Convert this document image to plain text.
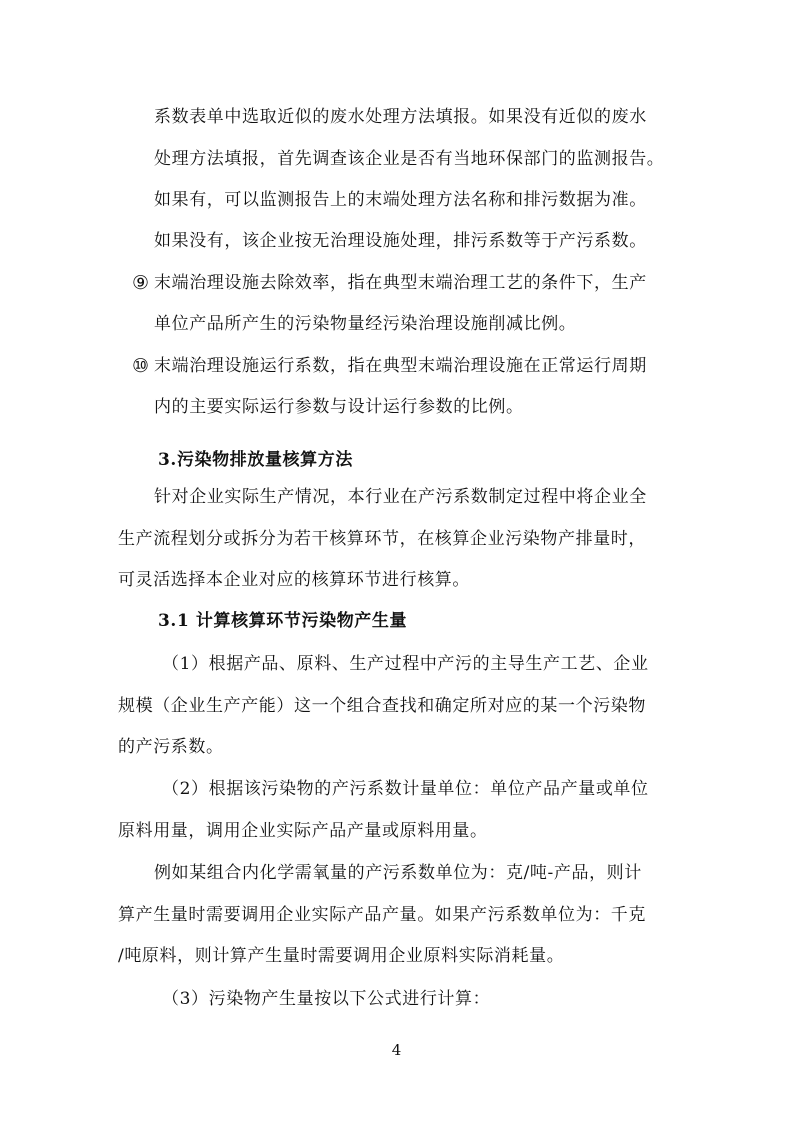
系数表单中选取近似的废水处理方法填报。如果没有近似的废水
处理方法填报，首先调查该企业是否有当地环保部门的监测报告。
如果有，可以监测报告上的末端处理方法名称和排污数据为准。
如果没有，该企业按无治理设施处理，排污系数等于产污系数。
⑨ 末端治理设施去除效率，指在典型末端治理工艺的条件下，生产
单位产品所产生的污染物量经污染治理设施削减比例。
⑩ 末端治理设施运行系数，指在典型末端治理设施在正常运行周期
内的主要实际运行参数与设计运行参数的比例。
3.污染物排放量核算方法
针对企业实际生产情况，本行业在产污系数制定过程中将企业全
生产流程划分或拆分为若干核算环节，在核算企业污染物产排量时，
可灵活选择本企业对应的核算环节进行核算。
3.1 计算核算环节污染物产生量
（1）根据产品、原料、生产过程中产污的主导生产工艺、企业
规模（企业生产产能）这一个组合查找和确定所对应的某一个污染物
的产污系数。
（2）根据该污染物的产污系数计量单位：单位产品产量或单位
原料用量，调用企业实际产品产量或原料用量。
例如某组合内化学需氧量的产污系数单位为：克/吨-产品，则计
算产生量时需要调用企业实际产品产量。如果产污系数单位为：千克
/吨原料，则计算产生量时需要调用企业原料实际消耗量。
（3）污染物产生量按以下公式进行计算：
4
